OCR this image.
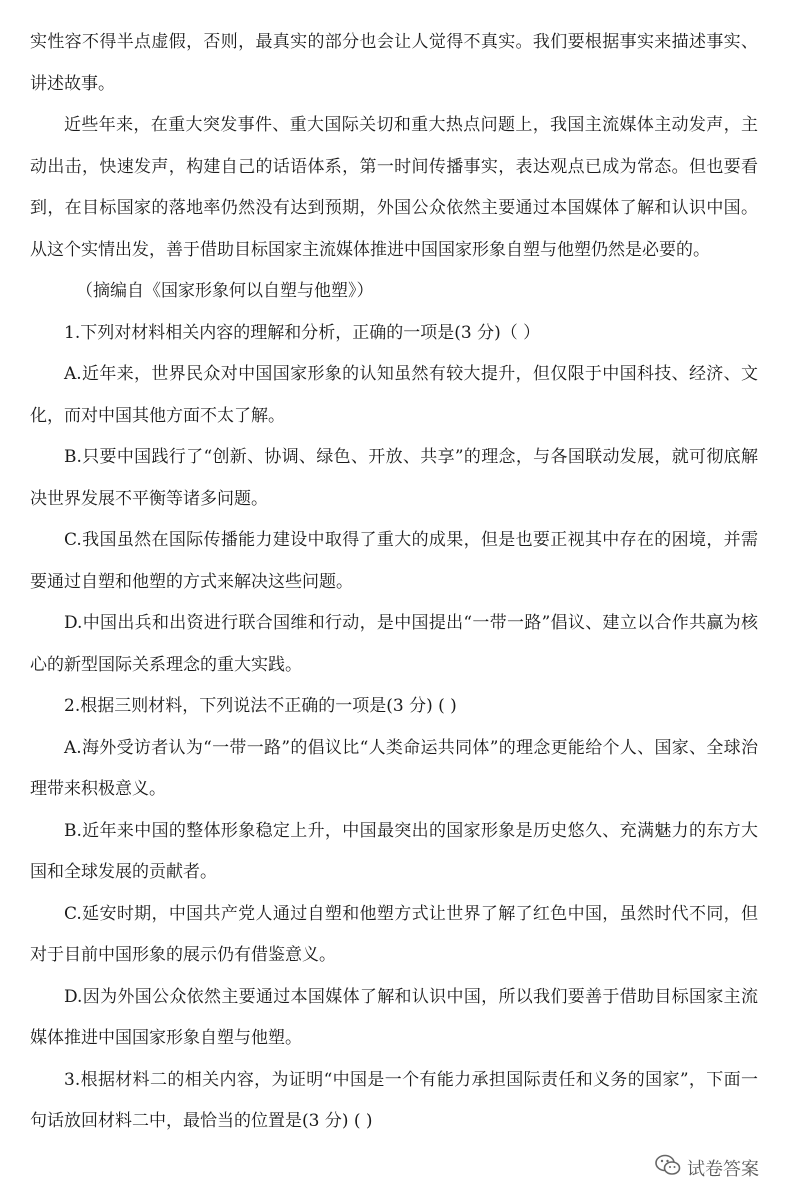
实性容不得半点虚假，否则，最真实的部分也会让人觉得不真实。我们要根据事实来描述事实、讲述故事。

近些年来，在重大突发事件、重大国际关切和重大热点问题上，我国主流媒体主动发声，主动出击，快速发声，构建自己的话语体系，第一时间传播事实，表达观点已成为常态。但也要看到，在目标国家的落地率仍然没有达到预期，外国公众依然主要通过本国媒体了解和认识中国。从这个实情出发，善于借助目标国家主流媒体推进中国国家形象自塑与他塑仍然是必要的。

（摘编自《国家形象何以自塑与他塑》）

1.下列对材料相关内容的理解和分析，正确的一项是(3 分)（ ）

A.近年来，世界民众对中国国家形象的认知虽然有较大提升，但仅限于中国科技、经济、文化，而对中国其他方面不太了解。

B.只要中国践行了“创新、协调、绿色、开放、共享”的理念，与各国联动发展，就可彻底解决世界发展不平衡等诸多问题。

C.我国虽然在国际传播能力建设中取得了重大的成果，但是也要正视其中存在的困境，并需要通过自塑和他塑的方式来解决这些问题。

D.中国出兵和出资进行联合国维和行动，是中国提出“一带一路”倡议、建立以合作共赢为核心的新型国际关系理念的重大实践。

2.根据三则材料，下列说法不正确的一项是(3 分) ( )

A.海外受访者认为“一带一路”的倡议比“人类命运共同体”的理念更能给个人、国家、全球治理带来积极意义。

B.近年来中国的整体形象稳定上升，中国最突出的国家形象是历史悠久、充满魅力的东方大国和全球发展的贡献者。

C.延安时期，中国共产党人通过自塑和他塑方式让世界了解了红色中国，虽然时代不同，但对于目前中国形象的展示仍有借鉴意义。

D.因为外国公众依然主要通过本国媒体了解和认识中国，所以我们要善于借助目标国家主流媒体推进中国国家形象自塑与他塑。

3.根据材料二的相关内容，为证明“中国是一个有能力承担国际责任和义务的国家”，下面一句话放回材料二中，最恰当的位置是(3 分) ( )

试卷答案
